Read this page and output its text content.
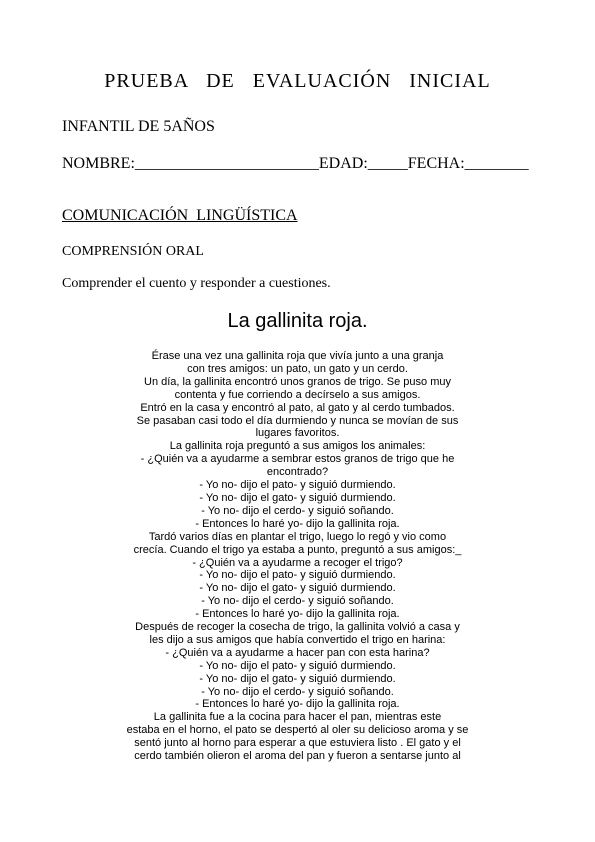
PRUEBA  DE  EVALUACIÓN  INICIAL
INFANTIL DE 5AÑOS
NOMBRE:_______________________EDAD:_____FECHA:________
COMUNICACIÓN  LINGÜÍSTICA
COMPRENSIÓN ORAL
Comprender el cuento y responder a cuestiones.
La gallinita roja.
Érase una vez una gallinita roja que vivía junto a una granja
con tres amigos: un pato, un gato y un cerdo.
Un día, la gallinita encontró unos granos de trigo. Se puso muy
contenta y fue corriendo a decírselo a sus amigos.
Entró en la casa y encontró al pato, al gato y al cerdo tumbados.
Se pasaban casi todo el día durmiendo y nunca se movían de sus
lugares favoritos.
La gallinita roja preguntó a sus amigos los animales:
- ¿Quién va a ayudarme a sembrar estos granos de trigo que he
encontrado?
- Yo no- dijo el pato- y siguió durmiendo.
- Yo no- dijo el gato- y siguió durmiendo.
- Yo no- dijo el cerdo- y siguió soñando.
- Entonces lo haré yo- dijo la gallinita roja.
Tardó varios días en plantar el trigo, luego lo regó y vio como
crecía. Cuando el trigo ya estaba a punto, preguntó a sus amigos:_
- ¿Quién va a ayudarme a recoger el trigo?
- Yo no- dijo el pato- y siguió durmiendo.
- Yo no- dijo el gato- y siguió durmiendo.
- Yo no- dijo el cerdo- y siguió soñando.
- Entonces lo haré yo- dijo la gallinita roja.
Después de recoger la cosecha de trigo, la gallinita volvió a casa y
les dijo a sus amigos que había convertido el trigo en harina:
- ¿Quién va a ayudarme a hacer pan con esta harina?
- Yo no- dijo el pato- y siguió durmiendo.
- Yo no- dijo el gato- y siguió durmiendo.
- Yo no- dijo el cerdo- y siguió soñando.
- Entonces lo haré yo- dijo la gallinita roja.
La gallinita fue a la cocina para hacer el pan, mientras este
estaba en el horno, el pato se despertó al oler su delicioso aroma y se
sentó junto al horno para esperar a que estuviera listo . El gato y el
cerdo también olieron el aroma del pan y fueron a sentarse junto al
